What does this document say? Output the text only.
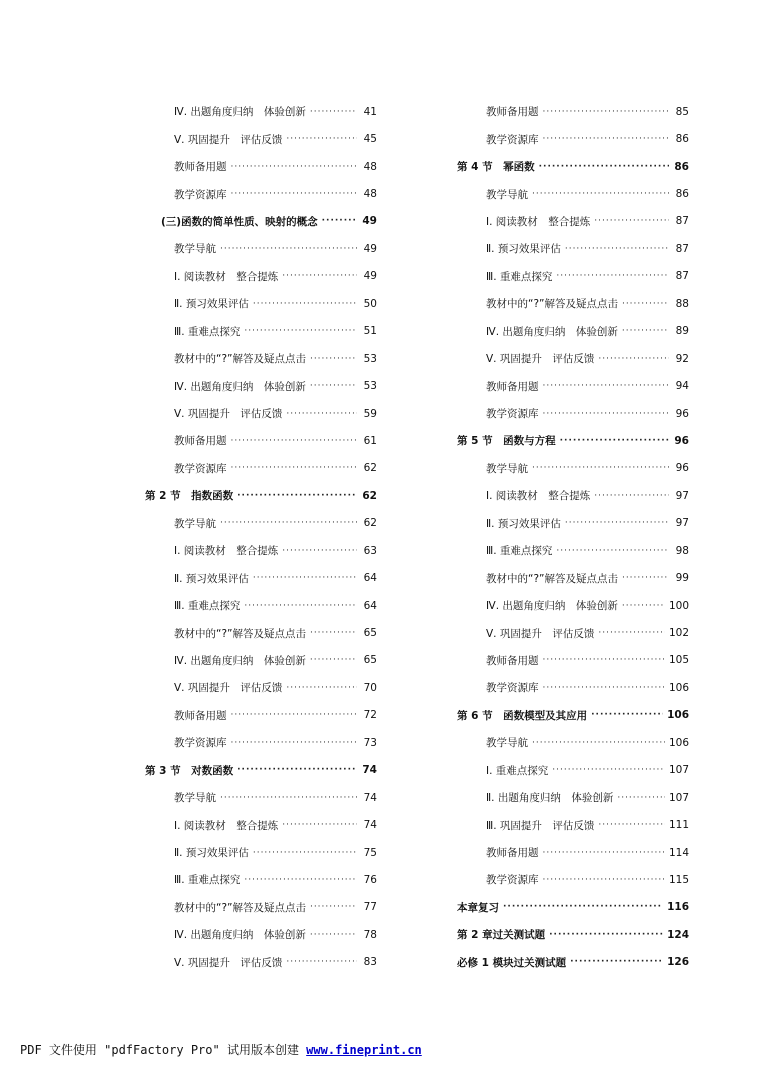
Ⅳ. 出题角度归纳　体验创新 ·····	41
Ⅴ. 巩固提升　评估反馈 ·····	45
教师备用题 ·····	48
教学资源库 ·····	48
(三)函数的简单性质、映射的概念 ·····	49
教学导航 ·····	49
Ⅰ. 阅读教材　整合提炼 ·····	49
Ⅱ. 预习效果评估 ·····	50
Ⅲ. 重难点探究 ·····	51
教材中的“?”解答及疑点点击 ·····	53
Ⅳ. 出题角度归纳　体验创新 ·····	53
Ⅴ. 巩固提升　评估反馈 ·····	59
教师备用题 ·····	61
教学资源库 ·····	62
第 2 节　指数函数 ·····	62
教学导航 ·····	62
Ⅰ. 阅读教材　整合提炼 ·····	63
Ⅱ. 预习效果评估 ·····	64
Ⅲ. 重难点探究 ·····	64
教材中的“?”解答及疑点点击 ·····	65
Ⅳ. 出题角度归纳　体验创新 ·····	65
Ⅴ. 巩固提升　评估反馈 ·····	70
教师备用题 ·····	72
教学资源库 ·····	73
第 3 节　对数函数 ·····	74
教学导航 ·····	74
Ⅰ. 阅读教材　整合提炼 ·····	74
Ⅱ. 预习效果评估 ·····	75
Ⅲ. 重难点探究 ·····	76
教材中的“?”解答及疑点点击 ·····	77
Ⅳ. 出题角度归纳　体验创新 ·····	78
Ⅴ. 巩固提升　评估反馈 ·····	83
教师备用题 ·····	85
教学资源库 ·····	86
第 4 节　幂函数 ·····	86
教学导航 ·····	86
Ⅰ. 阅读教材　整合提炼 ·····	87
Ⅱ. 预习效果评估 ·····	87
Ⅲ. 重难点探究 ·····	87
教材中的“?”解答及疑点点击 ·····	88
Ⅳ. 出题角度归纳　体验创新 ·····	89
Ⅴ. 巩固提升　评估反馈 ·····	92
教师备用题 ·····	94
教学资源库 ·····	96
第 5 节　函数与方程 ·····	96
教学导航 ·····	96
Ⅰ. 阅读教材　整合提炼 ·····	97
Ⅱ. 预习效果评估 ·····	97
Ⅲ. 重难点探究 ·····	98
教材中的“?”解答及疑点点击 ·····	99
Ⅳ. 出题角度归纳　体验创新 ·····	100
Ⅴ. 巩固提升　评估反馈 ·····	102
教师备用题 ·····	105
教学资源库 ·····	106
第 6 节　函数模型及其应用 ·····	106
教学导航 ·····	106
Ⅰ. 重难点探究 ·····	107
Ⅱ. 出题角度归纳　体验创新 ·····	107
Ⅲ. 巩固提升　评估反馈 ·····	111
教师备用题 ·····	114
教学资源库 ·····	115
本章复习 ·····	116
第 2 章过关测试题 ·····	124
必修 1 模块过关测试题 ·····	126
PDF 文件使用 "pdfFactory Pro" 试用版本创建 www.fineprint.cn
